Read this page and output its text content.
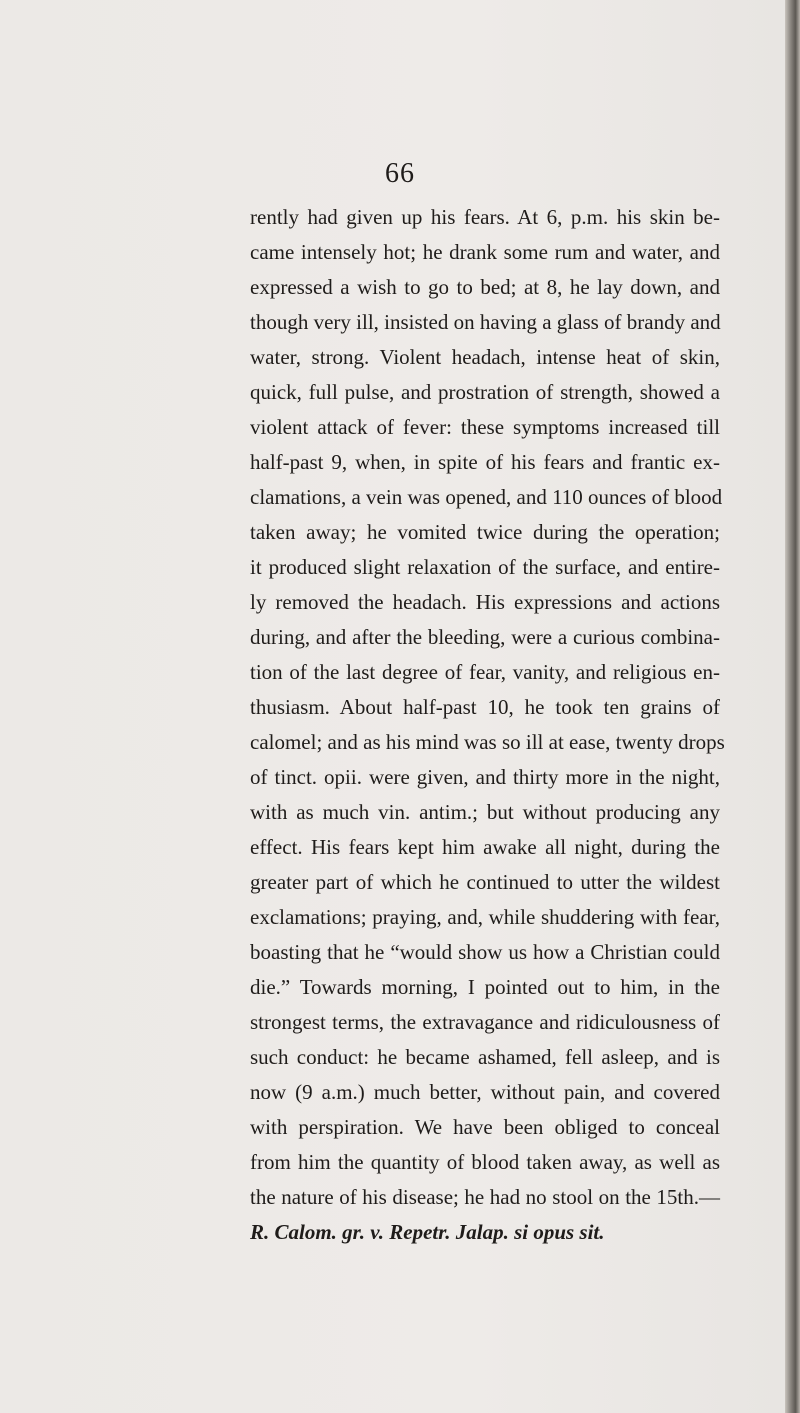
66
rently had given up his fears. At 6, p.m. his skin be-
came intensely hot; he drank some rum and water, and
expressed a wish to go to bed; at 8, he lay down, and
though very ill, insisted on having a glass of brandy and
water, strong. Violent headach, intense heat of skin,
quick, full pulse, and prostration of strength, showed a
violent attack of fever: these symptoms increased till
half-past 9, when, in spite of his fears and frantic ex-
clamations, a vein was opened, and 110 ounces of blood
taken away; he vomited twice during the operation;
it produced slight relaxation of the surface, and entire-
ly removed the headach. His expressions and actions
during, and after the bleeding, were a curious combina-
tion of the last degree of fear, vanity, and religious en-
thusiasm. About half-past 10, he took ten grains of
calomel; and as his mind was so ill at ease, twenty drops
of tinct. opii. were given, and thirty more in the night,
with as much vin. antim.; but without producing any
effect. His fears kept him awake all night, during the
greater part of which he continued to utter the wildest
exclamations; praying, and, while shuddering with fear,
boasting that he “would show us how a Christian could
die.” Towards morning, I pointed out to him, in the
strongest terms, the extravagance and ridiculousness of
such conduct: he became ashamed, fell asleep, and is
now (9 a.m.) much better, without pain, and covered
with perspiration. We have been obliged to conceal
from him the quantity of blood taken away, as well as
the nature of his disease; he had no stool on the 15th.—
R. Calom. gr. v. Repetr. Jalap. si opus sit.
